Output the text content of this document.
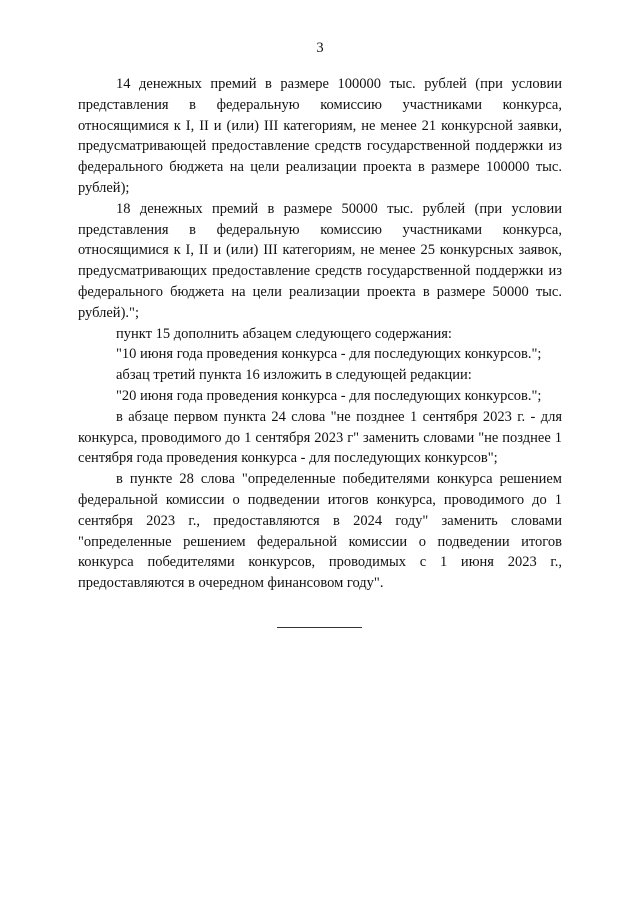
3

14 денежных премий в размере 100000 тыс. рублей (при условии представления в федеральную комиссию участниками конкурса, относящимися к I, II и (или) III категориям, не менее 21 конкурсной заявки, предусматривающей предоставление средств государственной поддержки из федерального бюджета на цели реализации проекта в размере 100000 тыс. рублей);

18 денежных премий в размере 50000 тыс. рублей (при условии представления в федеральную комиссию участниками конкурса, относящимися к I, II и (или) III категориям, не менее 25 конкурсных заявок, предусматривающих предоставление средств государственной поддержки из федерального бюджета на цели реализации проекта в размере 50000 тыс. рублей).";

пункт 15 дополнить абзацем следующего содержания:

"10 июня года проведения конкурса - для последующих конкурсов.";

абзац третий пункта 16 изложить в следующей редакции:

"20 июня года проведения конкурса - для последующих конкурсов.";

в абзаце первом пункта 24 слова "не позднее 1 сентября 2023 г. - для конкурса, проводимого до 1 сентября 2023 г" заменить словами "не позднее 1 сентября года проведения конкурса - для последующих конкурсов";

в пункте 28 слова "определенные победителями конкурса решением федеральной комиссии о подведении итогов конкурса, проводимого до 1 сентября 2023 г., предоставляются в 2024 году" заменить словами "определенные решением федеральной комиссии о подведении итогов конкурса победителями конкурсов, проводимых с 1 июня 2023 г., предоставляются в очередном финансовом году".
